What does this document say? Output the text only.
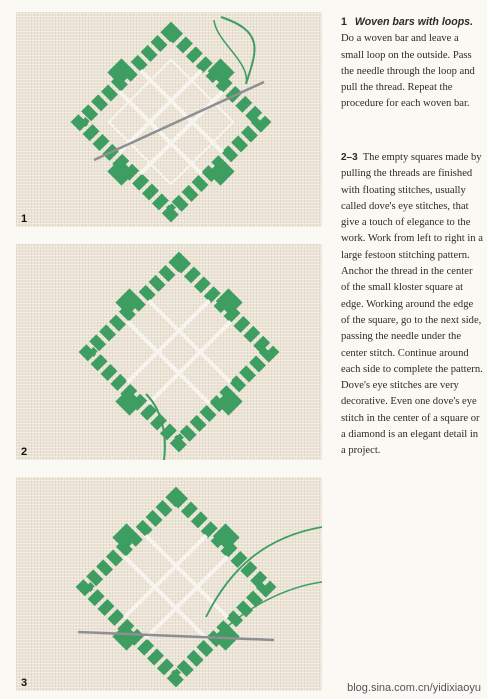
1
2
3

1 Woven bars with loops.

Do a woven bar and leave a small loop on the outside. Pass the needle through the loop and pull the thread. Repeat the procedure for each woven bar.

2–3 The empty squares made by pulling the threads are finished with floating stitches, usually called dove's eye stitches, that give a touch of elegance to the work. Work from left to right in a large festoon stitching pattern. Anchor the thread in the center of the small kloster square at edge. Working around the edge of the square, go to the next side, passing the needle under the center stitch. Continue around each side to complete the pattern. Dove's eye stitches are very decorative. Even one dove's eye stitch in the center of a square or a diamond is an elegant detail in a project.

blog.sina.com.cn/yidixiaoyu
